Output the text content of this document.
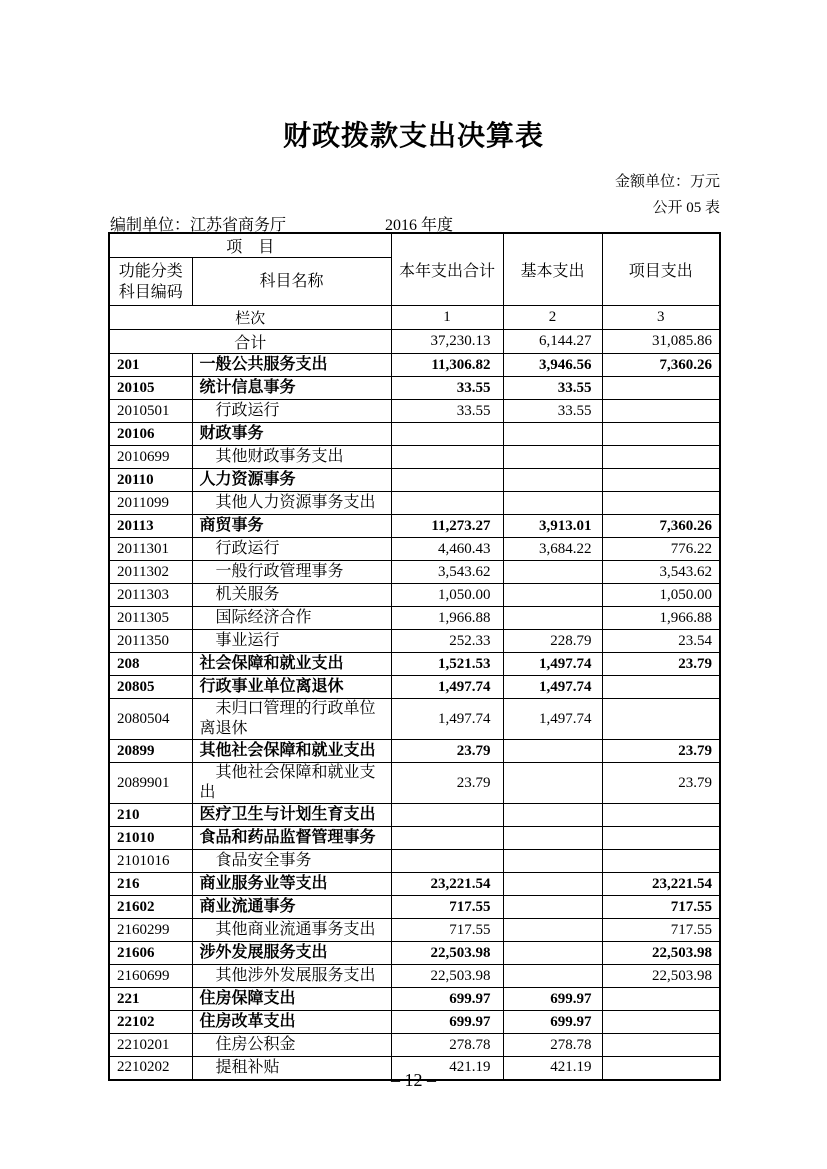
财政拨款支出决算表
金额单位：万元
公开 05 表
编制单位：江苏省商务厅	2016 年度
项　目		本年支出合计	基本支出	项目支出
功能分类
科目编码	科目名称			
栏次		1	2	3
合计		37,230.13	6,144.27	31,085.86
201	一般公共服务支出	11,306.82	3,946.56	7,360.26
20105	统计信息事务	33.55	33.55	
2010501	行政运行	33.55	33.55	
20106	财政事务			
2010699	其他财政事务支出			
20110	人力资源事务			
2011099	其他人力资源事务支出			
20113	商贸事务	11,273.27	3,913.01	7,360.26
2011301	行政运行	4,460.43	3,684.22	776.22
2011302	一般行政管理事务	3,543.62		3,543.62
2011303	机关服务	1,050.00		1,050.00
2011305	国际经济合作	1,966.88		1,966.88
2011350	事业运行	252.33	228.79	23.54
208	社会保障和就业支出	1,521.53	1,497.74	23.79
20805	行政事业单位离退休	1,497.74	1,497.74	
2080504	未归口管理的行政单位离退休	1,497.74	1,497.74	
20899	其他社会保障和就业支出	23.79		23.79
2089901	其他社会保障和就业支出	23.79		23.79
210	医疗卫生与计划生育支出			
21010	食品和药品监督管理事务			
2101016	食品安全事务			
216	商业服务业等支出	23,221.54		23,221.54
21602	商业流通事务	717.55		717.55
2160299	其他商业流通事务支出	717.55		717.55
21606	涉外发展服务支出	22,503.98		22,503.98
2160699	其他涉外发展服务支出	22,503.98		22,503.98
221	住房保障支出	699.97	699.97	
22102	住房改革支出	699.97	699.97	
2210201	住房公积金	278.78	278.78	
2210202	提租补贴	421.19	421.19	
– 12 –
